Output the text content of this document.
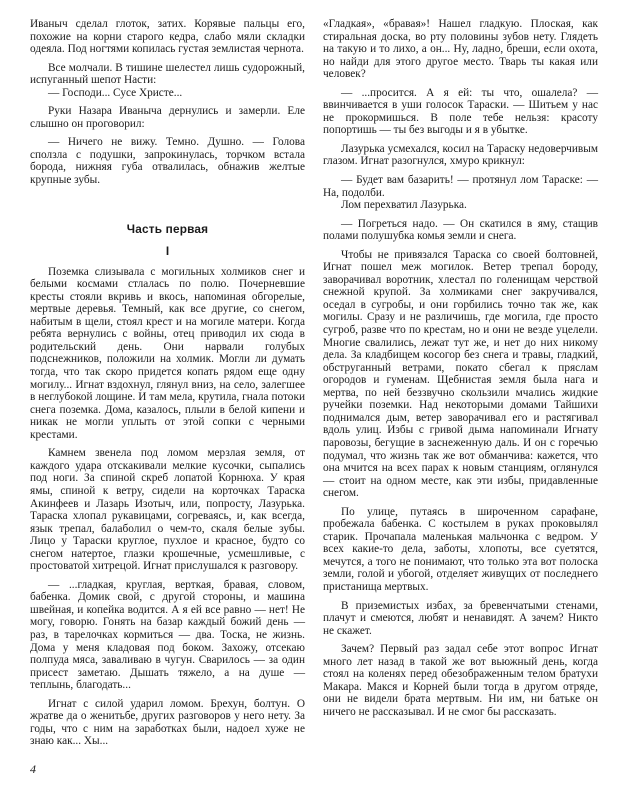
Иваныч сделал глоток, затих. Корявые пальцы его, похожие на корни старого кедра, слабо мяли складки одеяла. Под ногтями копилась густая землистая чернота.

Все молчали. В тишине шелестел лишь судорожный, испуганный шепот Насти:

— Господи... Сусе Христе...

Руки Назара Иваныча дернулись и замерли. Еле слышно он проговорил:

— Ничего не вижу. Темно. Душно. — Голова сползла с подушки, запрокинулась, торчком встала борода, нижняя губа отвалилась, обнажив желтые крупные зубы.

Часть первая
I

Поземка слизывала с могильных холмиков снег и белыми космами стлалась по полю. Почерневшие кресты стояли вкривь и вкось, напоминая обгорелые, мертвые деревья. Темный, как все другие, со снегом, набитым в щели, стоял крест и на могиле матери. Когда ребята вернулись с войны, отец приводил их сюда в родительский день. Они нарвали голубых подснежников, положили на холмик. Могли ли думать тогда, что так скоро придется копать рядом еще одну могилу... Игнат вздохнул, глянул вниз, на село, залегшее в неглубокой лощине. И там мела, крутила, гнала потоки снега поземка. Дома, казалось, плыли в белой кипени и никак не могли уплыть от этой сопки с черными крестами.

Камнем звенела под ломом мерзлая земля, от каждого удара отскакивали мелкие кусочки, сыпались под ноги. За спиной скреб лопатой Корнюха. У края ямы, спиной к ветру, сидели на корточках Тараска Акинфеев и Лазарь Изотыч, или, попросту, Лазурька. Тараска хлопал рукавицами, согреваясь, и, как всегда, язык трепал, балаболил о чем-то, скаля белые зубы. Лицо у Тараски круглое, пухлое и красное, будто со снегом натертое, глазки крошечные, усмешливые, с простоватой хитрецой. Игнат прислушался к разговору.

— ...гладкая, круглая, верткая, бравая, словом, бабенка. Домик свой, с другой стороны, и машина швейная, и копейка водится. А я ей все равно — нет! Не могу, говорю. Гонять на базар каждый божий день — раз, в тарелочках кормиться — два. Тоска, не жизнь. Дома у меня кладовая под боком. Захожу, отсекаю полпуда мяса, заваливаю в чугун. Сварилось — за один присест заметаю. Дышать тяжело, а на душе — теплынь, благодать...

Игнат с силой ударил ломом. Брехун, болтун. О жратве да о женитьбе, других разговоров у него нету. За годы, что с ним на заработках были, надоел хуже не знаю как... Хы...

«Гладкая», «бравая»! Нашел гладкую. Плоская, как стиральная доска, во рту половины зубов нету. Глядеть на такую и то лихо, а он... Ну, ладно, бреши, если охота, но найди для этого другое место. Тварь ты какая или человек?

— ...просится. А я ей: ты что, ошалела? — ввинчивается в уши голосок Тараски. — Шитьем у нас не прокормишься. В поле тебе нельзя: красоту попортишь — ты без выгоды и я в убытке.

Лазурька усмехался, косил на Тараску недоверчивым глазом. Игнат разогнулся, хмуро крикнул:

— Будет вам базарить! — протянул лом Тараске: — На, подолби.

Лом перехватил Лазурька.

— Погреться надо. — Он скатился в яму, стащив полами полушубка комья земли и снега.

Чтобы не привязался Тараска со своей болтовней, Игнат пошел меж могилок. Ветер трепал бороду, заворачивал воротник, хлестал по голенищам черствой снежной крупой. За холмиками снег закручивался, оседал в сугробы, и они горбились точно так же, как могилы. Сразу и не различишь, где могила, где просто сугроб, разве что по крестам, но и они не везде уцелели. Многие свалились, лежат тут же, и нет до них никому дела. За кладбищем косогор без снега и травы, гладкий, обструганный ветрами, покато сбегал к пряслам огородов и гуменам. Щебнистая земля была нага и мертва, по ней беззвучно скользили мчались жидкие ручейки поземки. Над некоторыми домами Тайшихи поднимался дым, ветер заворачивал его и растягивал вдоль улиц. Избы с гривой дыма напоминали Игнату паровозы, бегущие в заснеженную даль. И он с горечью подумал, что жизнь так же вот обманчива: кажется, что она мчится на всех парах к новым станциям, оглянулся — стоит на одном месте, как эти избы, придавленные снегом.

По улице, путаясь в широченном сарафане, пробежала бабенка. С костылем в руках проковылял старик. Прочапала маленькая мальчонка с ведром. У всех какие-то дела, заботы, хлопоты, все суетятся, мечутся, а того не понимают, что только эта вот полоска земли, голой и убогой, отделяет живущих от последнего пристанища мертвых.

В приземистых избах, за бревенчатыми стенами, плачут и смеются, любят и ненавидят. А зачем? Никто не скажет.

Зачем? Первый раз задал себе этот вопрос Игнат много лет назад в такой же вот вьюжный день, когда стоял на коленях перед обезображенным телом братухи Макара. Макся и Корней были тогда в другом отряде, они не видели брата мертвым. Ни им, ни батьке он ничего не рассказывал. И не смог бы рассказать.

4
